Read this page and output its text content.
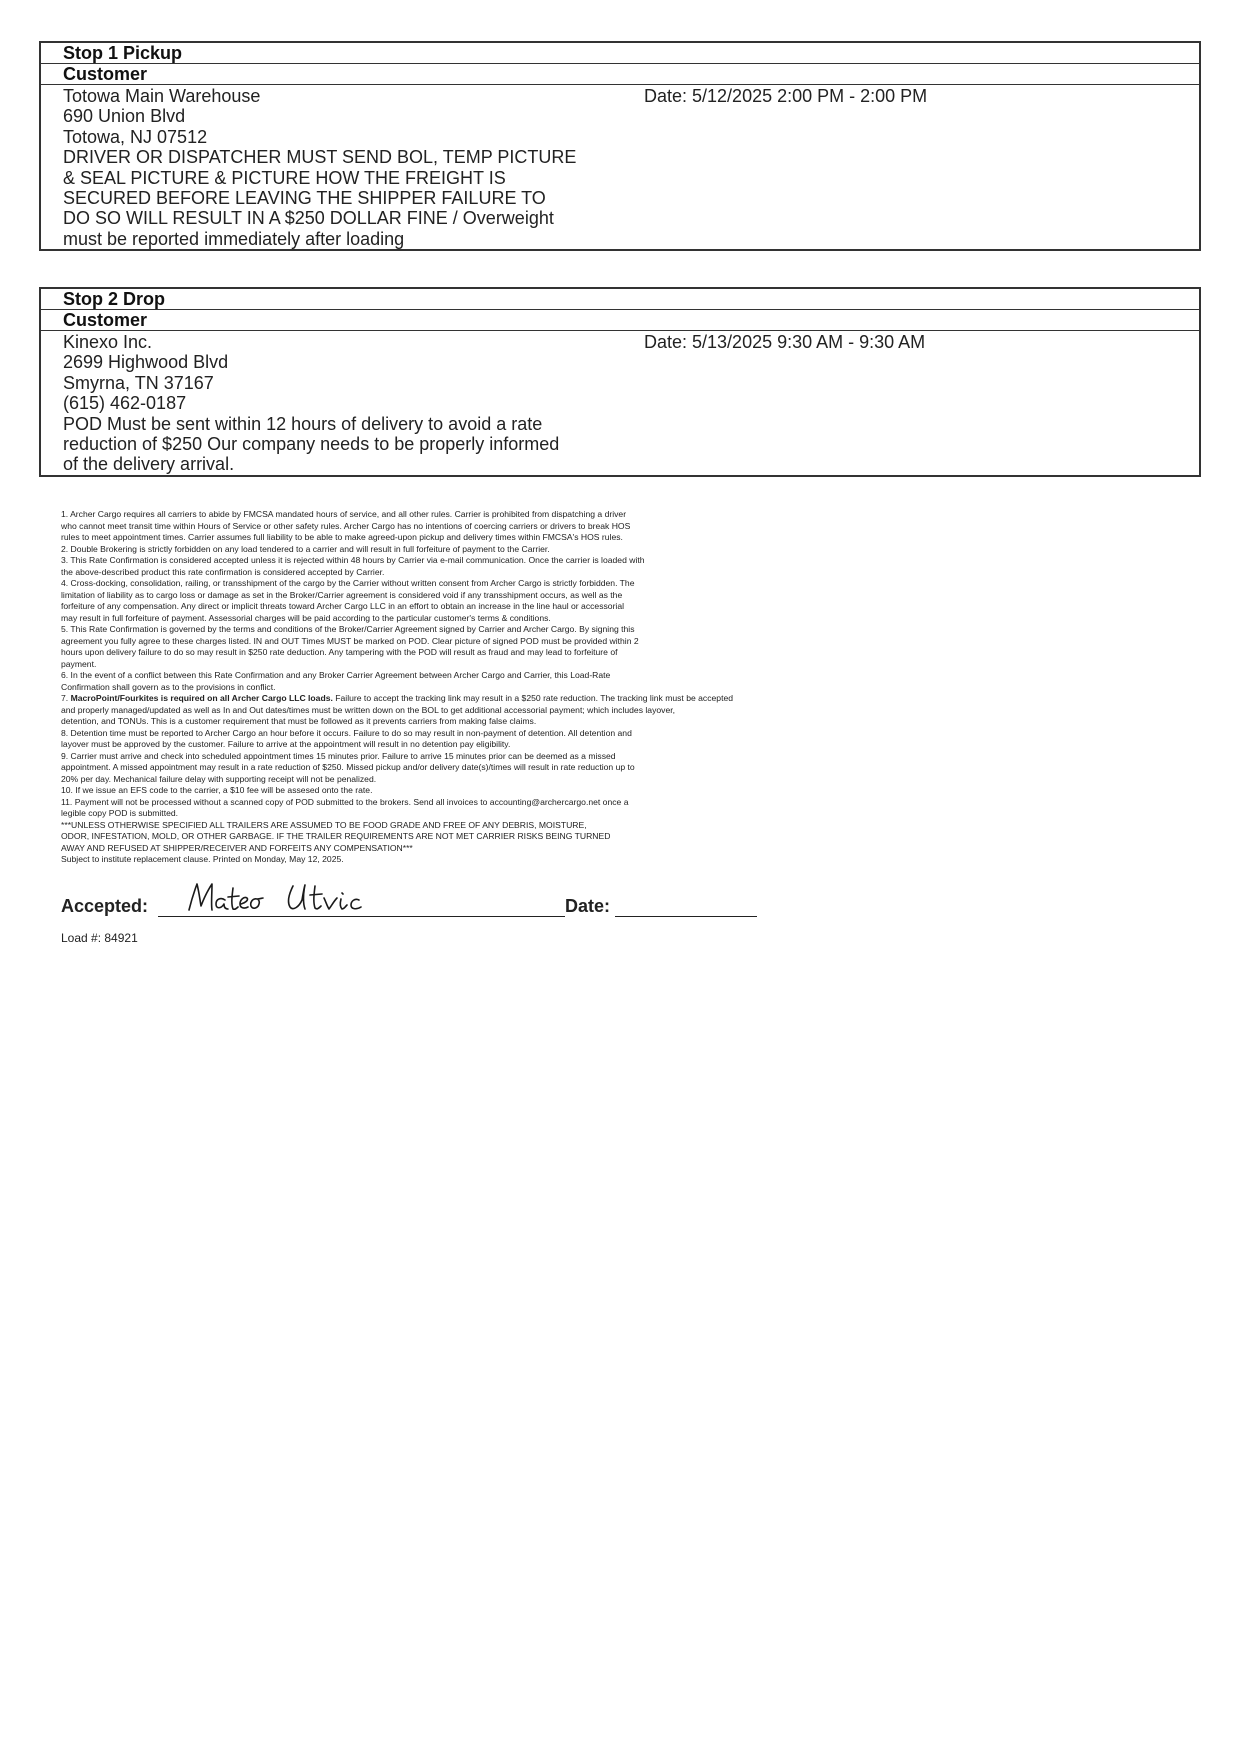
Stop 1 Pickup
Customer
Totowa Main Warehouse
690 Union Blvd
Totowa, NJ 07512
DRIVER OR DISPATCHER MUST SEND BOL, TEMP PICTURE
& SEAL PICTURE & PICTURE HOW THE FREIGHT IS
SECURED BEFORE LEAVING THE SHIPPER FAILURE TO
DO SO WILL RESULT IN A $250 DOLLAR FINE / Overweight
must be reported immediately after loading
Date: 5/12/2025 2:00 PM - 2:00 PM
Stop 2 Drop
Customer
Kinexo Inc.
2699 Highwood Blvd
Smyrna, TN 37167
(615) 462-0187
POD Must be sent within 12 hours of delivery to avoid a rate
reduction of $250 Our company needs to be properly informed
of the delivery arrival.
Date: 5/13/2025 9:30 AM - 9:30 AM
1. Archer Cargo requires all carriers to abide by FMCSA mandated hours of service, and all other rules. Carrier is prohibited from dispatching a driver
who cannot meet transit time within Hours of Service or other safety rules. Archer Cargo has no intentions of coercing carriers or drivers to break HOS
rules to meet appointment times. Carrier assumes full liability to be able to make agreed-upon pickup and delivery times within FMCSA's HOS rules.
2. Double Brokering is strictly forbidden on any load tendered to a carrier and will result in full forfeiture of payment to the Carrier.
3. This Rate Confirmation is considered accepted unless it is rejected within 48 hours by Carrier via e-mail communication. Once the carrier is loaded with
the above-described product this rate confirmation is considered accepted by Carrier.
4. Cross-docking, consolidation, railing, or transshipment of the cargo by the Carrier without written consent from Archer Cargo is strictly forbidden. The
limitation of liability as to cargo loss or damage as set in the Broker/Carrier agreement is considered void if any transshipment occurs, as well as the
forfeiture of any compensation. Any direct or implicit threats toward Archer Cargo LLC in an effort to obtain an increase in the line haul or accessorial
may result in full forfeiture of payment. Assessorial charges will be paid according to the particular customer's terms & conditions.
5. This Rate Confirmation is governed by the terms and conditions of the Broker/Carrier Agreement signed by Carrier and Archer Cargo. By signing this
agreement you fully agree to these charges listed. IN and OUT Times MUST be marked on POD. Clear picture of signed POD must be provided within 2
hours upon delivery failure to do so may result in $250 rate deduction. Any tampering with the POD will result as fraud and may lead to forfeiture of
payment.
6. In the event of a conflict between this Rate Confirmation and any Broker Carrier Agreement between Archer Cargo and Carrier, this Load-Rate
Confirmation shall govern as to the provisions in conflict.
7. MacroPoint/Fourkites is required on all Archer Cargo LLC loads. Failure to accept the tracking link may result in a $250 rate reduction. The tracking link must be accepted
and properly managed/updated as well as In and Out dates/times must be written down on the BOL to get additional accessorial payment; which includes layover,
detention, and TONUs. This is a customer requirement that must be followed as it prevents carriers from making false claims.
8. Detention time must be reported to Archer Cargo an hour before it occurs. Failure to do so may result in non-payment of detention. All detention and
layover must be approved by the customer. Failure to arrive at the appointment will result in no detention pay eligibility.
9. Carrier must arrive and check into scheduled appointment times 15 minutes prior. Failure to arrive 15 minutes prior can be deemed as a missed
appointment. A missed appointment may result in a rate reduction of $250. Missed pickup and/or delivery date(s)/times will result in rate reduction up to
20% per day. Mechanical failure delay with supporting receipt will not be penalized.
10. If we issue an EFS code to the carrier, a $10 fee will be assesed onto the rate.
11. Payment will not be processed without a scanned copy of POD submitted to the brokers. Send all invoices to accounting@archercargo.net once a
legible copy POD is submitted.
***UNLESS OTHERWISE SPECIFIED ALL TRAILERS ARE ASSUMED TO BE FOOD GRADE AND FREE OF ANY DEBRIS, MOISTURE,
ODOR, INFESTATION, MOLD, OR OTHER GARBAGE. IF THE TRAILER REQUIREMENTS ARE NOT MET CARRIER RISKS BEING TURNED
AWAY AND REFUSED AT SHIPPER/RECEIVER AND FORFEITS ANY COMPENSATION***
Subject to institute replacement clause. Printed on Monday, May 12, 2025.
Accepted:	Date:
Load #: 84921
